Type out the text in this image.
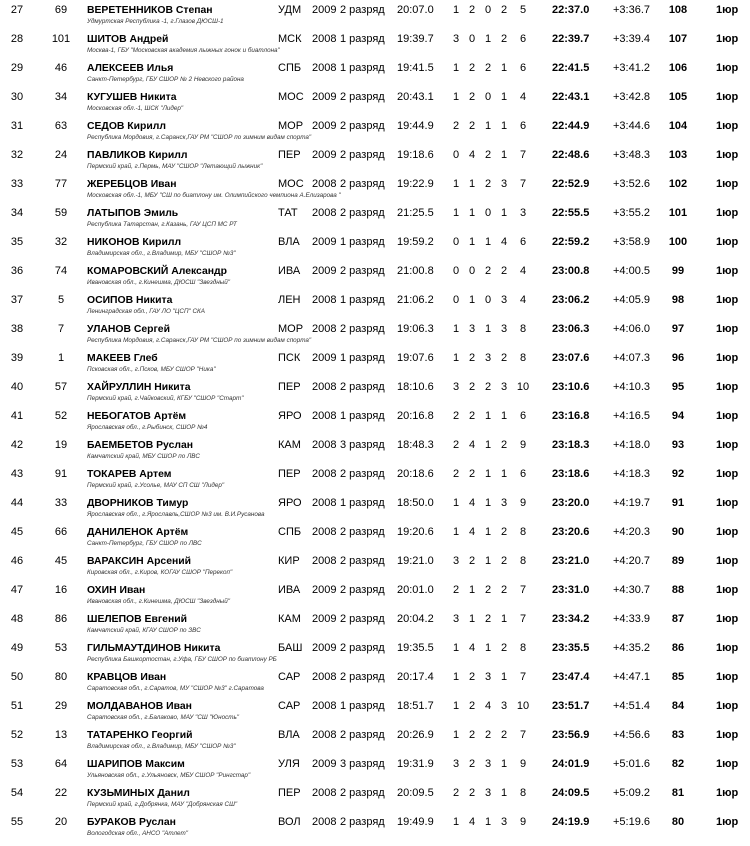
27	69	ВЕРЕТЕННИКОВ Степан
Удмуртская Республика -1, г.Глазов ДЮСШ-1
УДМ 2009 2 разряд 20:07.0 1 2 0 2	5	22:37.0 +3:36.7 108	1юр
28	101	ШИТОВ Андрей
Москва-1, ГБУ "Московская академия лыжных гонок и биатлона"
МСК 2008 1 разряд 19:39.7 3 0 1 2	6	22:39.7 +3:39.4 107	1юр
29	46	АЛЕКСЕЕВ Илья
Санкт-Петербург, ГБУ СШОР № 2 Невского района
СПБ 2008 1 разряд 19:41.5 1 2 2 1	6	22:41.5 +3:41.2 106	1юр
30	34	КУГУШЕВ Никита
Московская обл.-1, ШСК "Лидер"
МОС 2009 2 разряд 20:43.1 1 2 0 1	4	22:43.1 +3:42.8 105	1юр
31	63	СЕДОВ Кирилл
Республика Мордовия, г.Саранск,ГАУ РМ "СШОР по зимним видам спорта"
МОР 2009 2 разряд 19:44.9 2 2 1 1	6	22:44.9 +3:44.6 104	1юр
32	24	ПАВЛИКОВ Кирилл
Пермский край, г.Пермь, МАУ "СШОР "Летающий лыжник"
ПЕР 2009 2 разряд 19:18.6 0 4 2 1	7	22:48.6 +3:48.3 103	1юр
33	77	ЖЕРЕБЦОВ Иван
Московская обл.-1, МБУ "СШ по биатлону им. Олимпийского чемпиона А.Елизарова "
МОС 2008 2 разряд 19:22.9 1 1 2 3	7	22:52.9 +3:52.6 102	1юр
34	59	ЛАТЫПОВ Эмиль
Республика Татарстан, г.Казань, ГАУ ЦСП МС РТ
ТАТ 2008 2 разряд 21:25.5 1 1 0 1	3	22:55.5 +3:55.2 101	1юр
35	32	НИКОНОВ Кирилл
Владимирская обл., г.Владимир, МБУ "СШОР №3"
ВЛА 2009 1 разряд 19:59.2 0 1 1 4	6	22:59.2 +3:58.9 100	1юр
36	74	КОМАРОВСКИЙ Александр
Ивановская обл., г.Кинешма, ДЮСШ "Звездный"
ИВА 2009 2 разряд 21:00.8 0 0 2 2	4	23:00.8 +4:00.5	99	1юр
37	5	ОСИПОВ Никита
Ленинградская обл., ГАУ ЛО "ЦСП" СКА
ЛЕН 2008 1 разряд 21:06.2 0 1 0 3	4	23:06.2 +4:05.9	98	1юр
38	7	УЛАНОВ Сергей
Республика Мордовия, г.Саранск,ГАУ РМ "СШОР по зимним видам спорта"
МОР 2008 2 разряд 19:06.3 1 3 1 3	8	23:06.3 +4:06.0	97	1юр
39	1	МАКЕЕВ Глеб
Псковская обл., г.Псков, МБУ СШОР "Ника"
ПСК 2009 1 разряд 19:07.6 1 2 3 2	8	23:07.6 +4:07.3	96	1юр
40	57	ХАЙРУЛЛИН Никита
Пермский край, г.Чайковский, КГБУ "СШОР "Старт"
ПЕР 2008 2 разряд 18:10.6 3 2 2 3 10 23:10.6 +4:10.3	95	1юр
41	52	НЕБОГАТОВ Артём
Ярославская обл., г.Рыбинск, СШОР №4
ЯРО 2008 1 разряд 20:16.8 2 2 1 1	6	23:16.8 +4:16.5	94	1юр
42	19	БАЕМБЕТОВ Руслан
Камчатский край, МБУ СШОР по ЛВС
КАМ 2008 3 разряд 18:48.3 2 4 1 2	9	23:18.3 +4:18.0	93	1юр
43	91	ТОКАРЕВ Артем
Пермский край, г.Усолье, МАУ СП СШ "Лидер"
ПЕР 2008 2 разряд 20:18.6 2 2 1 1	6	23:18.6 +4:18.3	92	1юр
44	33	ДВОРНИКОВ Тимур
Ярославская обл., г.Ярославль,СШОР №3 им. В.И.Русанова
ЯРО 2008 1 разряд 18:50.0 1 4 1 3	9	23:20.0 +4:19.7	91	1юр
45	66	ДАНИЛЕНОК Артём
Санкт-Петербург, ГБУ СШОР по ЛВС
СПБ 2008 2 разряд 19:20.6 1 4 1 2	8	23:20.6 +4:20.3	90	1юр
46	45	ВАРАКСИН Арсений
Кировская обл., г.Киров, КОГАУ СШОР "Перекоп"
КИР 2008 2 разряд 19:21.0 3 2 1 2	8	23:21.0 +4:20.7	89	1юр
47	16	ОХИН Иван
Ивановская обл., г.Кинешма, ДЮСШ "Звездный"
ИВА 2009 2 разряд 20:01.0 2 1 2 2	7	23:31.0 +4:30.7	88	1юр
48	86	ШЕЛЕПОВ Евгений
Камчатский край, КГАУ СШОР по ЗВС
КАМ 2009 2 разряд 20:04.2 3 1 2 1	7	23:34.2 +4:33.9	87	1юр
49	53	ГИЛЬМАУТДИНОВ Никита
Республика Башкортостан, г.Уфа, ГБУ СШОР по биатлону РБ
БАШ 2009 2 разряд 19:35.5 1 4 1 2	8	23:35.5 +4:35.2	86	1юр
50	80	КРАВЦОВ Иван
Саратовская обл., г.Саратов, МУ "СШОР №3" г.Саратова
САР 2008 2 разряд 20:17.4 1 2 3 1	7	23:47.4 +4:47.1	85	1юр
51	29	МОЛДАВАНОВ Иван
Саратовская обл., г.Балаково, МАУ "СШ "Юность"
САР 2008 1 разряд 18:51.7 1 2 4 3 10 23:51.7 +4:51.4	84	1юр
52	13	ТАТАРЕНКО Георгий
Владимирская обл., г.Владимир, МБУ "СШОР №3"
ВЛА 2008 2 разряд 20:26.9 1 2 2 2	7	23:56.9 +4:56.6	83	1юр
53	64	ШАРИПОВ Максим
Ульяновская обл., г.Ульяновск, МБУ СШОР "Рингстар"
УЛЯ 2009 3 разряд 19:31.9 3 2 3 1	9	24:01.9 +5:01.6	82	1юр
54	22	КУЗЬМИНЫХ Данил
Пермский край, г.Добрянка, МАУ "Добрянская СШ"
ПЕР 2008 2 разряд 20:09.5 2 2 3 1	8	24:09.5 +5:09.2	81	1юр
55	20	БУРАКОВ Руслан
Вологодская обл., АНСО "Атлет"
ВОЛ 2008 2 разряд 19:49.9 1 4 1 3	9	24:19.9 +5:19.6	80	1юр
